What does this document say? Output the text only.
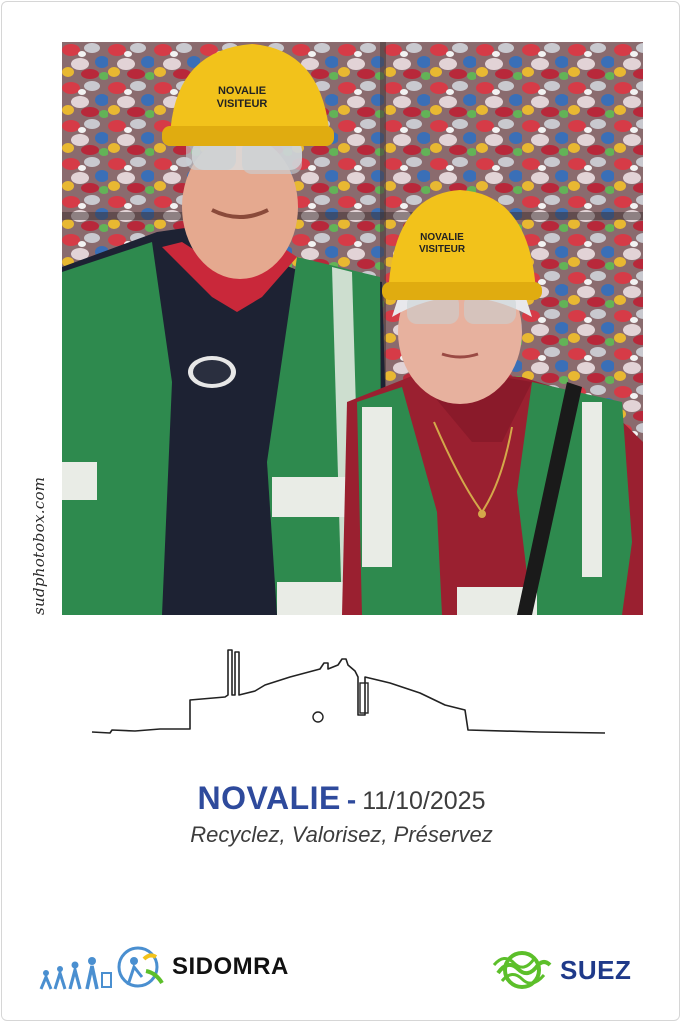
sudphotobox.com
NOVALIE
VISITEUR
NOVALIE
VISITEUR
NOVALIE - 11/10/2025
Recyclez, Valorisez, Préservez
SIDOMRA	SUEZ
